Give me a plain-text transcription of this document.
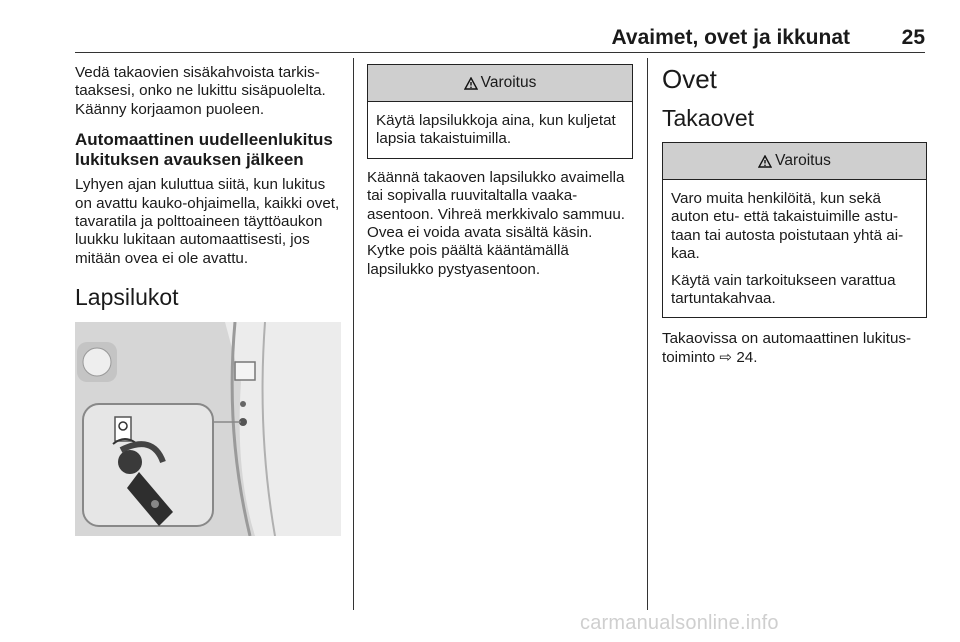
Avaimet, ovet ja ikkunat 25

Vedä takaovien sisäkahvoista tarkistaaksesi, onko ne lukittu sisäpuolelta. Käänny korjaamon puoleen.

Automaattinen uudelleenlukitus lukituksen avauksen jälkeen

Lyhyen ajan kuluttua siitä, kun lukitus on avattu kauko-ohjaimella, kaikki ovet, tavaratila ja polttoaineen täyttöaukon luukku lukitaan automaattisesti, jos mitään ovea ei ole avattu.

Lapsilukot

Varoitus

Käytä lapsilukkoja aina, kun kuljetat lapsia takaistuimilla.

Käännä takaoven lapsilukko avaimella tai sopivalla ruuvitaltalla vaakaasentoon. Vihreä merkkivalo sammuu. Ovea ei voida avata sisältä käsin. Kytke pois päältä kääntämällä lapsilukko pystyasentoon.

Ovet

Takaovet

Varoitus

Varo muita henkilöitä, kun sekä auton etu- että takaistuimille astutaan tai autosta poistutaan yhtä aikaa.

Käytä vain tarkoitukseen varattua tartuntakahvaa.

Takaovissa on automaattinen lukitustoiminto ⇨ 24.

carmanualsonline.info
